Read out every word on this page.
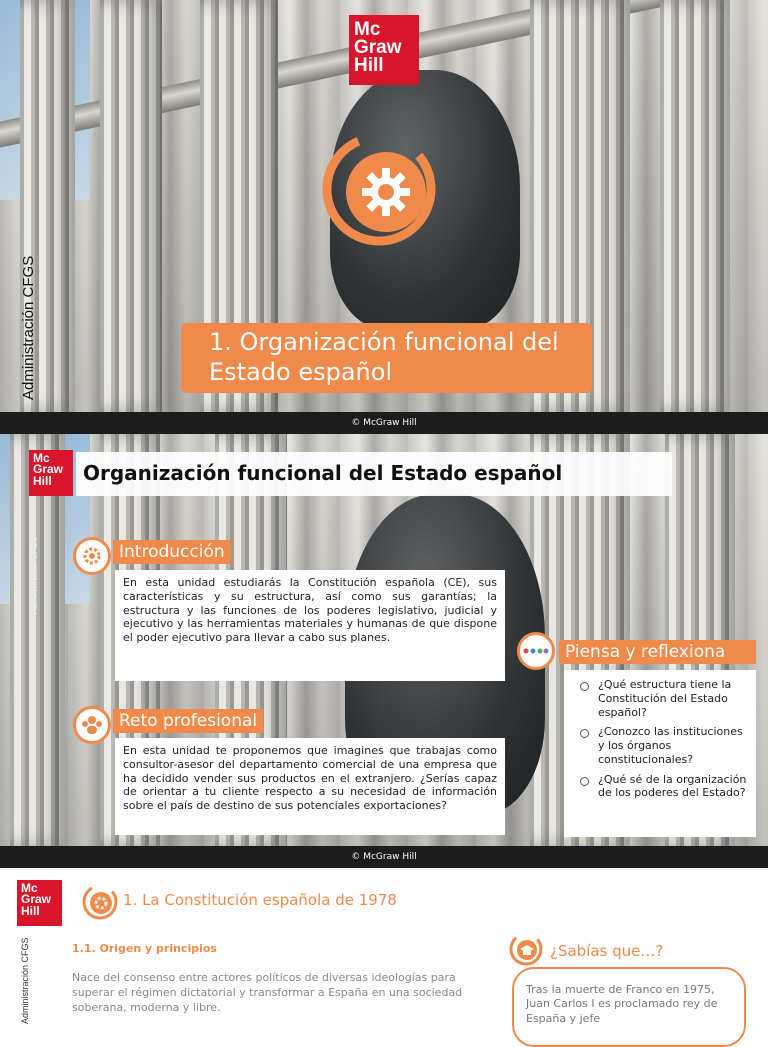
Mc
Graw
Hill
Administración CFGS	1. Organización funcional del Estado español
© McGraw Hill
Mc
Graw
Hill	Organización funcional del Estado español
Administración CFGS	Introducción
En esta unidad estudiarás la Constitución española (CE), sus características y su estructura, así como sus garantías; la estructura y las funciones de los poderes legislativo, judicial y ejecutivo y las herramientas materiales y humanas de que dispone el poder ejecutivo para llevar a cabo sus planes.
Reto profesional
En esta unidad te proponemos que imagines que trabajas como consultor-asesor del departamento comercial de una empresa que ha decidido vender sus productos en el extranjero. ¿Serías capaz de orientar a tu cliente respecto a su necesidad de información sobre el país de destino de sus potenciales exportaciones?
Piensa y reflexiona
¿Qué estructura tiene la Constitución del Estado español?
¿Conozco las instituciones y los órganos constitucionales?
¿Qué sé de la organización de los poderes del Estado?
© McGraw Hill
Mc
Graw
Hill
Administración CFGS
1. La Constitución española de 1978
1.1. Origen y principios
Nace del consenso entre actores políticos de diversas ideologías para superar el régimen dictatorial y transformar a España en una sociedad soberana, moderna y libre.
¿Sabías que…?
Tras la muerte de Franco en 1975, Juan Carlos I es proclamado rey de España y jefe
